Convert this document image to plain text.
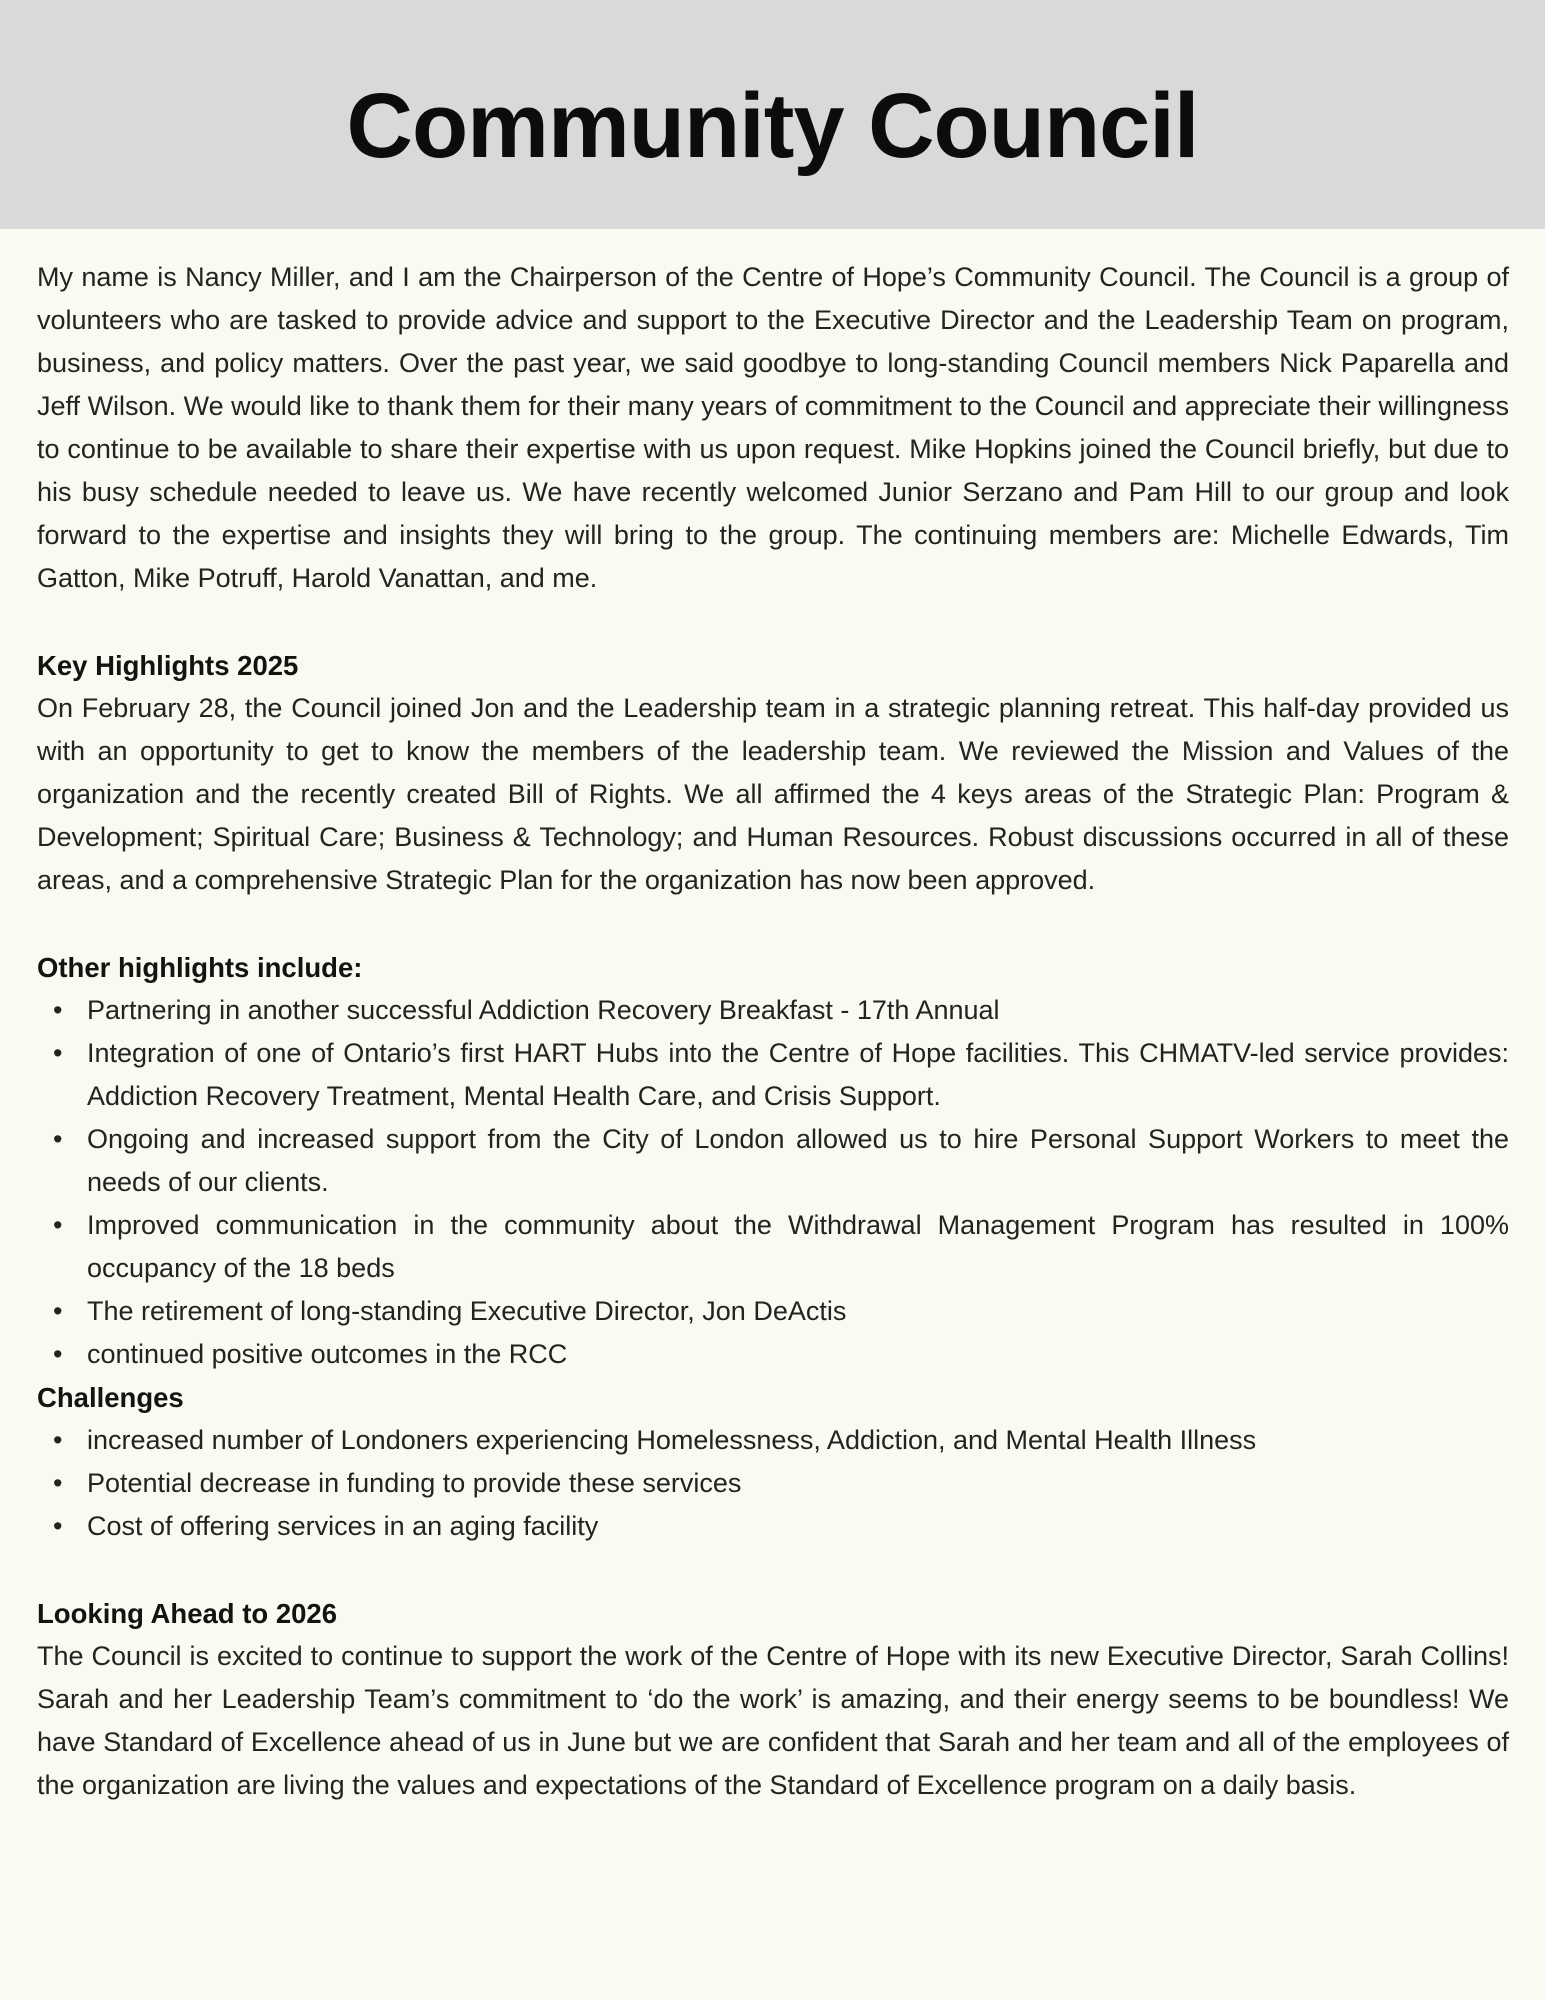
Community Council

My name is Nancy Miller, and I am the Chairperson of the Centre of Hope’s Community Council. The Council is a group of volunteers who are tasked to provide advice and support to the Executive Director and the Leadership Team on program, business, and policy matters. Over the past year, we said goodbye to long-standing Council members Nick Paparella and Jeff Wilson. We would like to thank them for their many years of commitment to the Council and appreciate their willingness to continue to be available to share their expertise with us upon request. Mike Hopkins joined the Council briefly, but due to his busy schedule needed to leave us. We have recently welcomed Junior Serzano and Pam Hill to our group and look forward to the expertise and insights they will bring to the group. The continuing members are: Michelle Edwards, Tim Gatton, Mike Potruff, Harold Vanattan, and me.

Key Highlights 2025

On February 28, the Council joined Jon and the Leadership team in a strategic planning retreat. This half-day provided us with an opportunity to get to know the members of the leadership team. We reviewed the Mission and Values of the organization and the recently created Bill of Rights. We all affirmed the 4 keys areas of the Strategic Plan: Program & Development; Spiritual Care; Business & Technology; and Human Resources. Robust discussions occurred in all of these areas, and a comprehensive Strategic Plan for the organization has now been approved.

Other highlights include:
• Partnering in another successful Addiction Recovery Breakfast - 17th Annual
• Integration of one of Ontario’s first HART Hubs into the Centre of Hope facilities. This CHMATV-led service provides: Addiction Recovery Treatment, Mental Health Care, and Crisis Support.
• Ongoing and increased support from the City of London allowed us to hire Personal Support Workers to meet the needs of our clients.
• Improved communication in the community about the Withdrawal Management Program has resulted in 100% occupancy of the 18 beds
• The retirement of long-standing Executive Director, Jon DeActis
• continued positive outcomes in the RCC
Challenges
• increased number of Londoners experiencing Homelessness, Addiction, and Mental Health Illness
• Potential decrease in funding to provide these services
• Cost of offering services in an aging facility
Looking Ahead to 2026

The Council is excited to continue to support the work of the Centre of Hope with its new Executive Director, Sarah Collins! Sarah and her Leadership Team’s commitment to ‘do the work’ is amazing, and their energy seems to be boundless! We have Standard of Excellence ahead of us in June but we are confident that Sarah and her team and all of the employees of the organization are living the values and expectations of the Standard of Excellence program on a daily basis.
